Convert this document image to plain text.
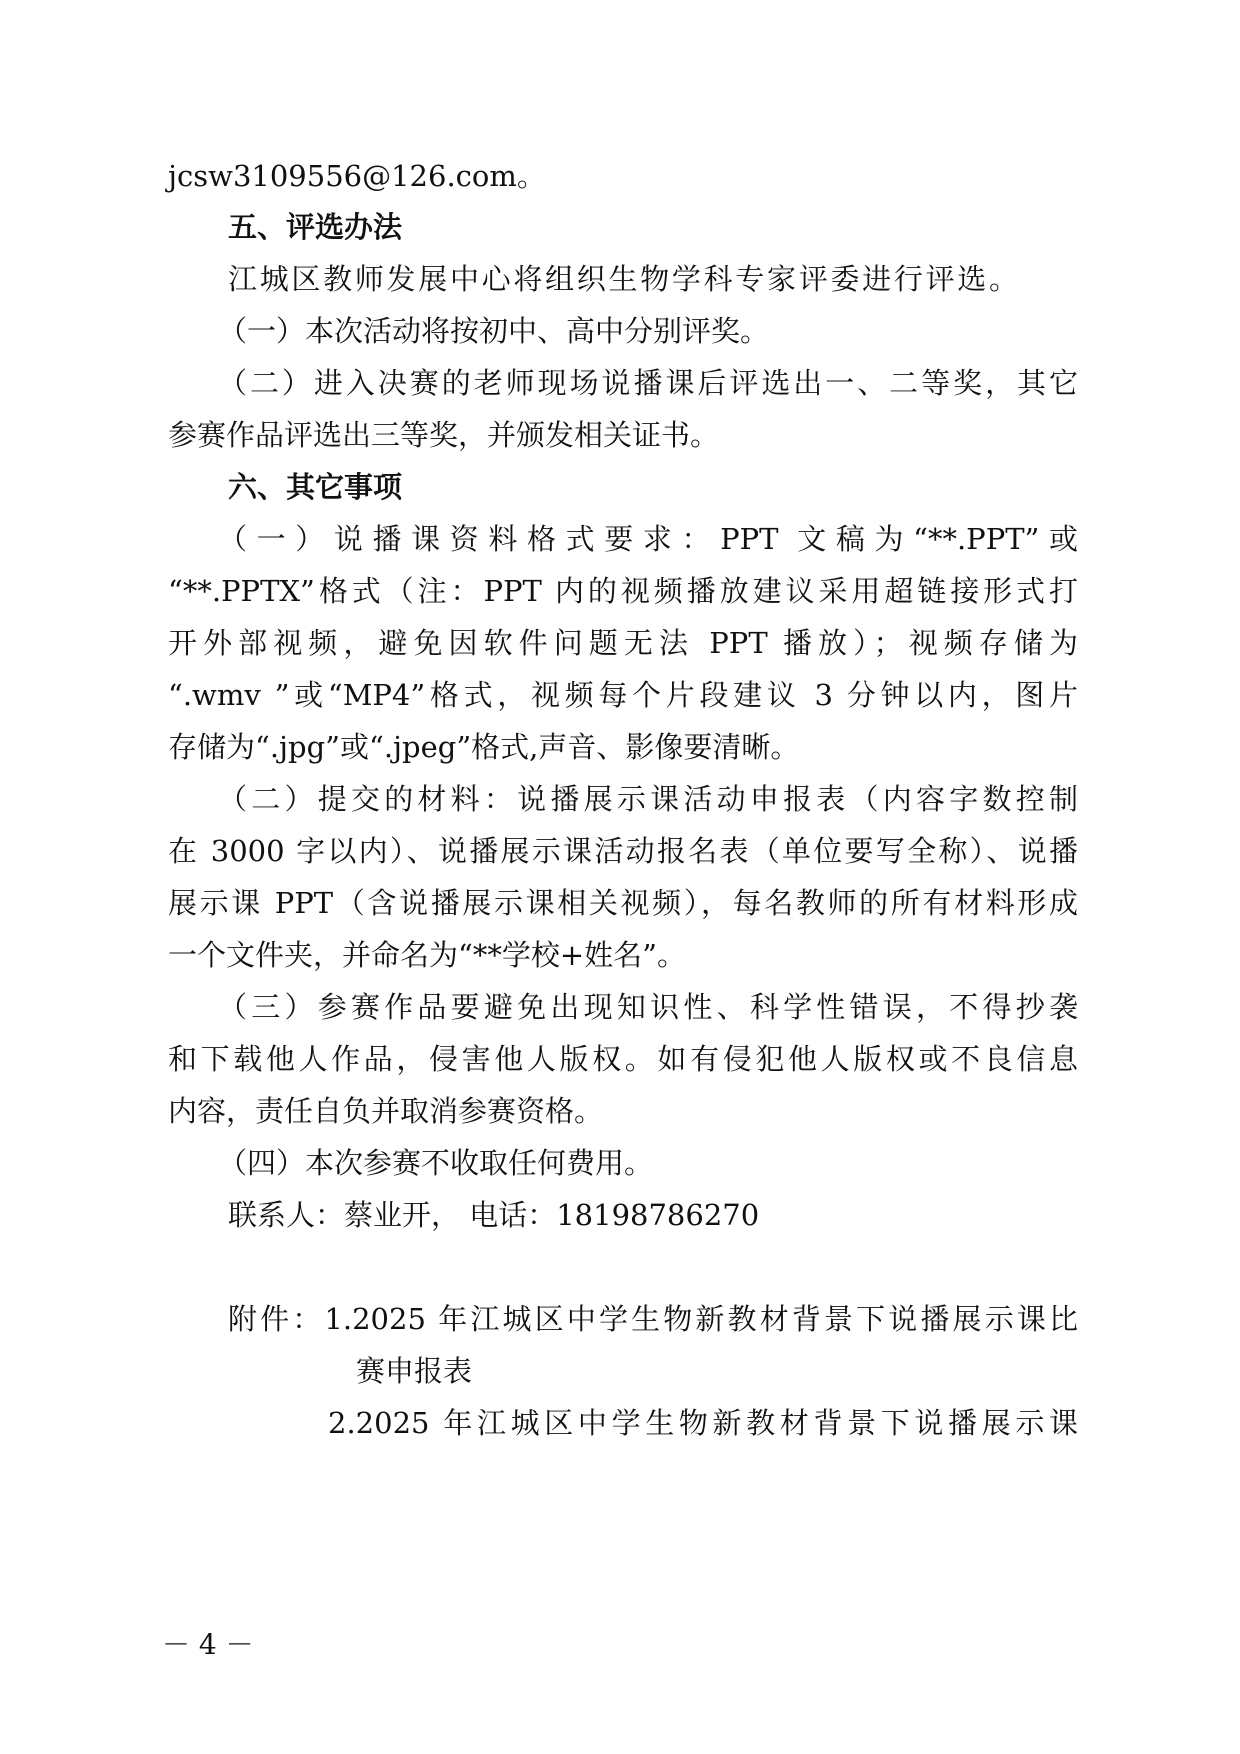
jcsw3109556@126.com。
五、评选办法
江城区教师发展中心将组织生物学科专家评委进行评选。
（一）本次活动将按初中、高中分别评奖。
（二）进入决赛的老师现场说播课后评选出一、二等奖，其它
参赛作品评选出三等奖，并颁发相关证书。
六、其它事项
（一）说播课资料格式要求：PPT 文稿为“**.PPT”或
“**.PPTX”格式（注：PPT 内的视频播放建议采用超链接形式打
开外部视频，避免因软件问题无法 PPT 播放）；视频存储为
“.wmv ”或“MP4”格式，视频每个片段建议 3 分钟以内，图片
存储为“.jpg”或“.jpeg”格式,声音、影像要清晰。
（二）提交的材料：说播展示课活动申报表（内容字数控制
在 3000 字以内）、说播展示课活动报名表（单位要写全称）、说播
展示课 PPT（含说播展示课相关视频），每名教师的所有材料形成
一个文件夹，并命名为“**学校+姓名”。
（三）参赛作品要避免出现知识性、科学性错误，不得抄袭
和下载他人作品，侵害他人版权。如有侵犯他人版权或不良信息
内容，责任自负并取消参赛资格。
（四）本次参赛不收取任何费用。
联系人：蔡业开， 电话：18198786270
附件：1.2025 年江城区中学生物新教材背景下说播展示课比
赛申报表
2.2025 年江城区中学生物新教材背景下说播展示课
－ 4 －
